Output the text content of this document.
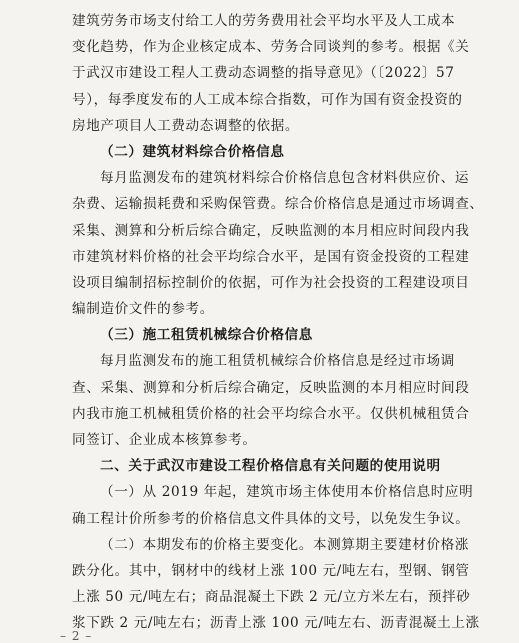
建筑劳务市场支付给工人的劳务费用社会平均水平及人工成本
变化趋势，作为企业核定成本、劳务合同谈判的参考。根据《关
于武汉市建设工程人工费动态调整的指导意见》（〔2022〕57
号），每季度发布的人工成本综合指数，可作为国有资金投资的
房地产项目人工费动态调整的依据。
（二）建筑材料综合价格信息
每月监测发布的建筑材料综合价格信息包含材料供应价、运
杂费、运输损耗费和采购保管费。综合价格信息是通过市场调查、
采集、测算和分析后综合确定，反映监测的本月相应时间段内我
市建筑材料价格的社会平均综合水平，是国有资金投资的工程建
设项目编制招标控制价的依据，可作为社会投资的工程建设项目
编制造价文件的参考。
（三）施工租赁机械综合价格信息
每月监测发布的施工租赁机械综合价格信息是经过市场调
查、采集、测算和分析后综合确定，反映监测的本月相应时间段
内我市施工机械租赁价格的社会平均综合水平。仅供机械租赁合
同签订、企业成本核算参考。
二、关于武汉市建设工程价格信息有关问题的使用说明
（一）从 2019 年起，建筑市场主体使用本价格信息时应明
确工程计价所参考的价格信息文件具体的文号，以免发生争议。
（二）本期发布的价格主要变化。本测算期主要建材价格涨
跌分化。其中，钢材中的线材上涨 100 元/吨左右，型钢、钢管
上涨 50 元/吨左右；商品混凝土下跌 2 元/立方米左右，预拌砂
浆下跌 2 元/吨左右；沥青上涨 100 元/吨左右、沥青混凝土上涨
– 2 –
